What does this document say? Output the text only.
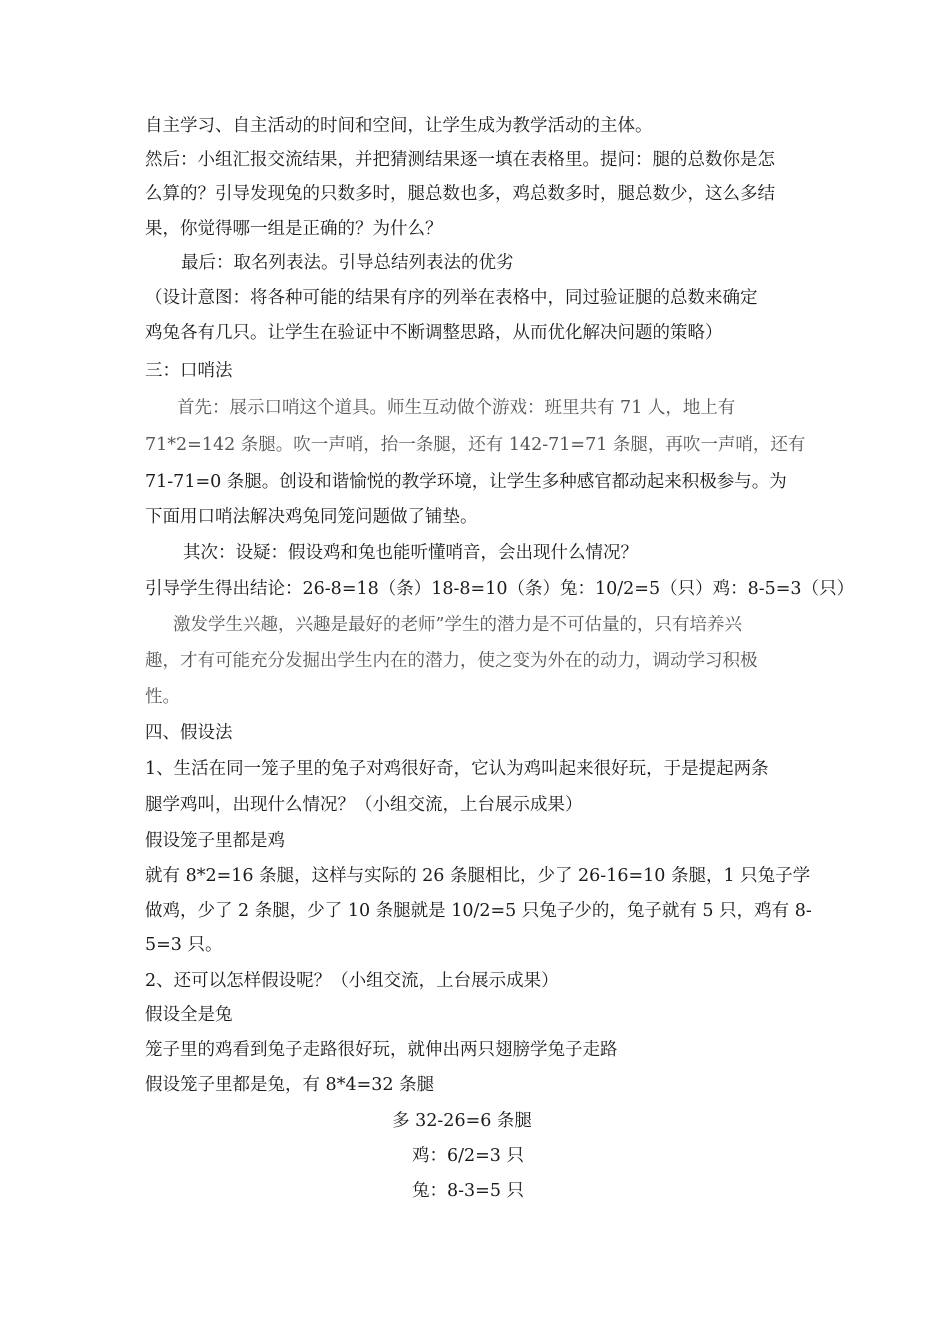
自主学习、自主活动的时间和空间，让学生成为教学活动的主体。
然后：小组汇报交流结果，并把猜测结果逐一填在表格里。提问：腿的总数你是怎
么算的？引导发现兔的只数多时，腿总数也多，鸡总数多时，腿总数少，这么多结
果，你觉得哪一组是正确的？为什么？
最后：取名列表法。引导总结列表法的优劣
（设计意图：将各种可能的结果有序的列举在表格中，同过验证腿的总数来确定
鸡兔各有几只。让学生在验证中不断调整思路，从而优化解决问题的策略）
三：口哨法
首先：展示口哨这个道具。师生互动做个游戏：班里共有 71 人，地上有
71*2=142 条腿。吹一声哨，抬一条腿，还有 142-71=71 条腿，再吹一声哨，还有
71-71=0 条腿。创设和谐愉悦的教学环境，让学生多种感官都动起来积极参与。为
下面用口哨法解决鸡兔同笼问题做了铺垫。
其次：设疑：假设鸡和兔也能听懂哨音，会出现什么情况？
引导学生得出结论：26-8=18（条）18-8=10（条）兔：10/2=5（只）鸡：8-5=3（只）
激发学生兴趣，兴趣是最好的老师”学生的潜力是不可估量的，只有培养兴
趣，才有可能充分发掘出学生内在的潜力，使之变为外在的动力，调动学习积极
性。
四、假设法
1、生活在同一笼子里的兔子对鸡很好奇，它认为鸡叫起来很好玩，于是提起两条
腿学鸡叫，出现什么情况？（小组交流，上台展示成果）
假设笼子里都是鸡
就有 8*2=16 条腿，这样与实际的 26 条腿相比，少了 26-16=10 条腿，1 只兔子学
做鸡，少了 2 条腿，少了 10 条腿就是 10/2=5 只兔子少的，兔子就有 5 只，鸡有 8-
5=3 只。
2、还可以怎样假设呢？（小组交流，上台展示成果）
假设全是兔
笼子里的鸡看到兔子走路很好玩，就伸出两只翅膀学兔子走路
假设笼子里都是兔，有 8*4=32 条腿
多 32-26=6 条腿
鸡：6/2=3 只
兔：8-3=5 只
